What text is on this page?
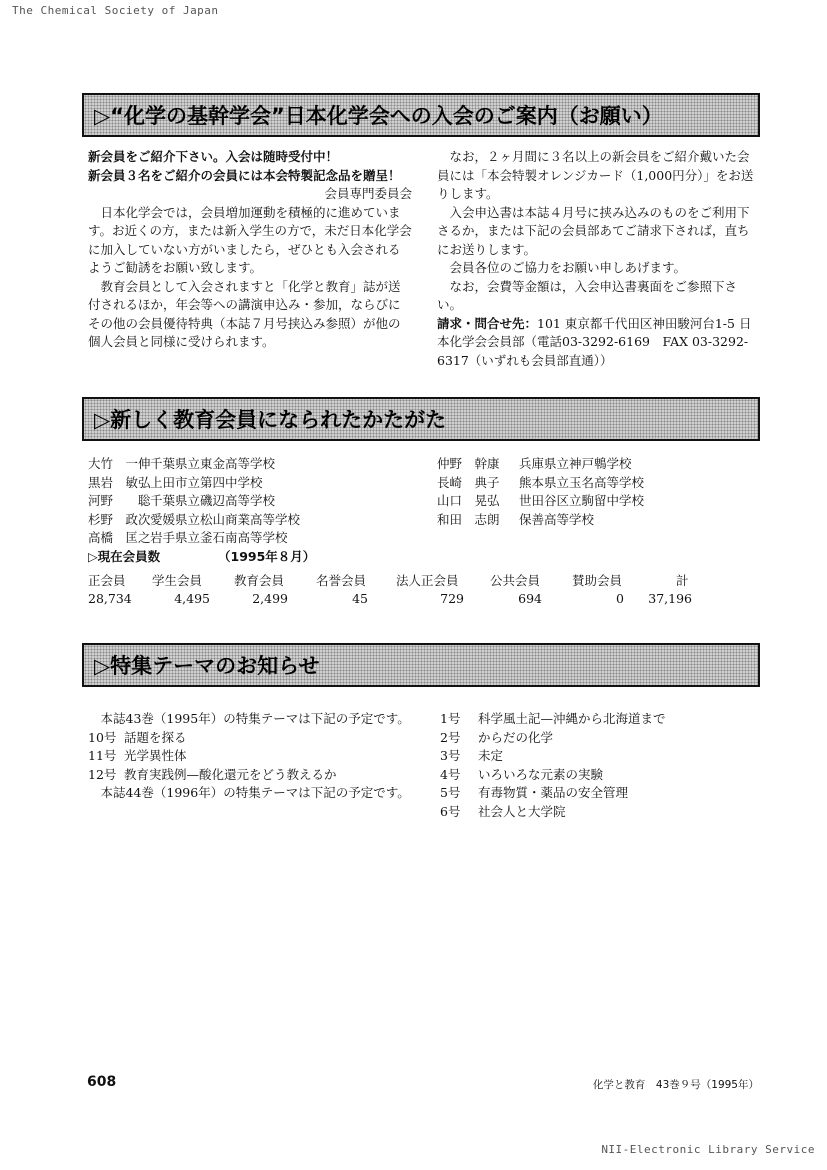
The Chemical Society of Japan
▷“化学の基幹学会”日本化学会への入会のご案内（お願い）

新会員をご紹介下さい。入会は随時受付中！

新会員３名をご紹介の会員には本会特製記念品を贈呈！

会員専門委員会

日本化学会では，会員増加運動を積極的に進めています。お近くの方，または新入学生の方で，未だ日本化学会に加入していない方がいましたら，ぜひとも入会されるようご勧誘をお願い致します。

教育会員として入会されますと「化学と教育」誌が送付されるほか，年会等への講演申込み・参加，ならびにその他の会員優待特典（本誌７月号挟込み参照）が他の個人会員と同様に受けられます。

なお，２ヶ月間に３名以上の新会員をご紹介戴いた会員には「本会特製オレンジカード（1,000円分）」をお送りします。

入会申込書は本誌４月号に挟み込みのものをご利用下さるか，または下記の会員部あてご請求下されば，直ちにお送りします。

会員各位のご協力をお願い申しあげます。

なお，会費等金額は，入会申込書裏面をご参照下さい。

請求・問合せ先：101 東京都千代田区神田駿河台1-5 日本化学会会員部（電話03-3292-6169　FAX 03-3292-6317（いずれも会員部直通））

▷新しく教育会員になられたかたがた
大竹　一伸 千葉県立東金高等学校
黒岩　敏弘 上田市立第四中学校
河野　　聡 千葉県立磯辺高等学校
杉野　政次 愛媛県立松山商業高等学校
高橋　匡之 岩手県立釜石南高等学校
▷現在会員数	（1995年８月）
仲野　幹康	兵庫県立神戸鵯学校
長崎　典子	熊本県立玉名高等学校
山口　晃弘	世田谷区立駒留中学校
和田　志朗	保善高等学校
正会員 学生会員	教育会員	名誉会員 法人正会員	公共会員	賛助会員	計
28,734	4,495	2,499	45	729	694	0 37,196
▷特集テーマのお知らせ

本誌43巻（1995年）の特集テーマは下記の予定です。

10号 話題を探る
11号 光学異性体
12号 教育実践例—酸化還元をどう教えるか

本誌44巻（1996年）の特集テーマは下記の予定です。

1号	科学風土記—沖縄から北海道まで
2号	からだの化学
3号	未定
4号	いろいろな元素の実験
5号	有毒物質・薬品の安全管理
6号	社会人と大学院
608	化学と教育　43巻９号（1995年）
NII-Electronic Library Service
